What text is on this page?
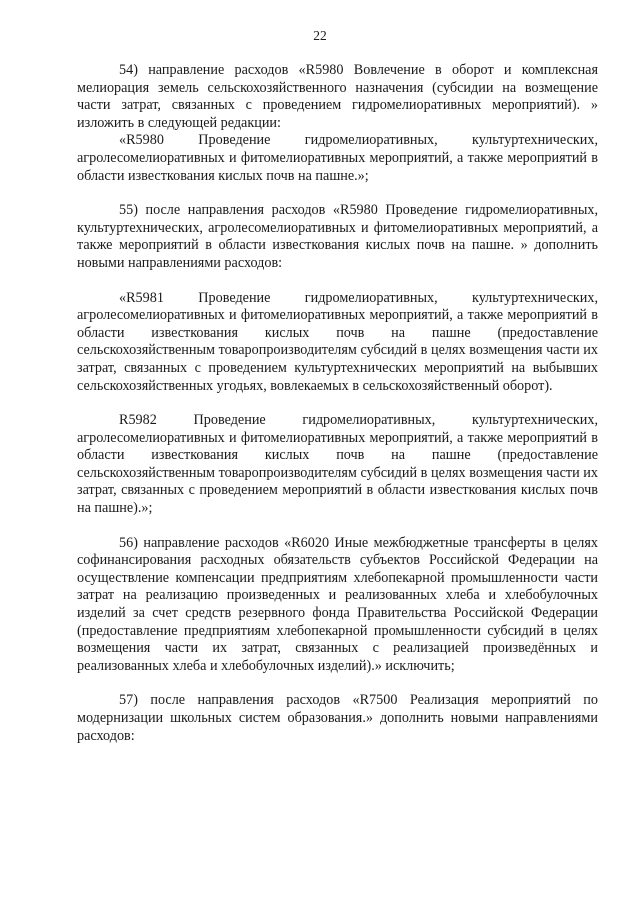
22

54) направление расходов «R5980 Вовлечение в оборот и комплексная мелиорация земель сельскохозяйственного назначения (субсидии на возмещение части затрат, связанных с проведением гидромелиоративных мероприятий). » изложить в следующей редакции:

«R5980 Проведение гидромелиоративных, культуртехнических, агролесомелиоративных и фитомелиоративных мероприятий, а также мероприятий в области известкования кислых почв на пашне.»;

55) после направления расходов «R5980 Проведение гидромелиоративных, культуртехнических, агролесомелиоративных и фитомелиоративных мероприятий, а также мероприятий в области известкования кислых почв на пашне. » дополнить новыми направлениями расходов:

«R5981 Проведение гидромелиоративных, культуртехнических, агролесомелиоративных и фитомелиоративных мероприятий, а также мероприятий в области известкования кислых почв на пашне (предоставление сельскохозяйственным товаропроизводителям субсидий в целях возмещения части их затрат, связанных с проведением культуртехнических мероприятий на выбывших сельскохозяйственных угодьях, вовлекаемых в сельскохозяйственный оборот).

R5982 Проведение гидромелиоративных, культуртехнических, агролесомелиоративных и фитомелиоративных мероприятий, а также мероприятий в области известкования кислых почв на пашне (предоставление сельскохозяйственным товаропроизводителям субсидий в целях возмещения части их затрат, связанных с проведением мероприятий в области известкования кислых почв на пашне).»;

56) направление расходов «R6020 Иные межбюджетные трансферты в целях софинансирования расходных обязательств субъектов Российской Федерации на осуществление компенсации предприятиям хлебопекарной промышленности части затрат на реализацию произведенных и реализованных хлеба и хлебобулочных изделий за счет средств резервного фонда Правительства Российской Федерации (предоставление предприятиям хлебопекарной промышленности субсидий в целях возмещения части их затрат, связанных с реализацией произведённых и реализованных хлеба и хлебобулочных изделий).» исключить;

57) после направления расходов «R7500 Реализация мероприятий по модернизации школьных систем образования.» дополнить новыми направлениями расходов:
